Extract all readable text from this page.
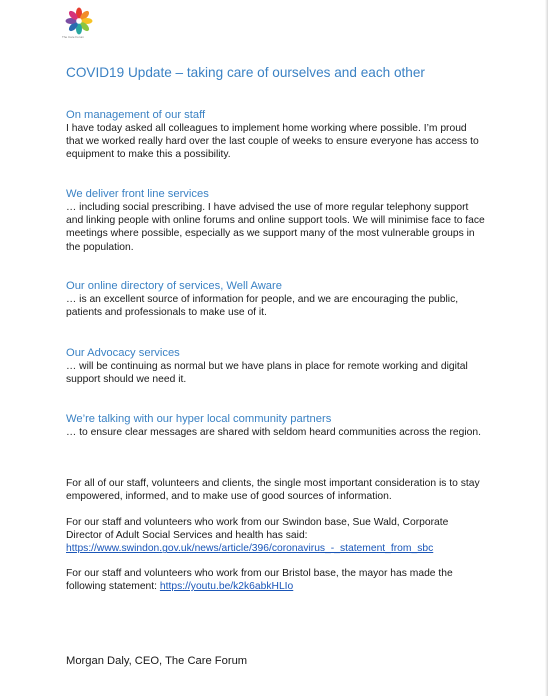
The Care Forum
COVID19 Update – taking care of ourselves and each other
On management of our staff
I have today asked all colleagues to implement home working where possible. I’m proud that we worked really hard over the last couple of weeks to ensure everyone has access to equipment to make this a possibility.
We deliver front line services
… including social prescribing. I have advised the use of more regular telephony support and linking people with online forums and online support tools. We will minimise face to face meetings where possible, especially as we support many of the most vulnerable groups in the population.
Our online directory of services, Well Aware
… is an excellent source of information for people, and we are encouraging the public, patients and professionals to make use of it.
Our Advocacy services
… will be continuing as normal but we have plans in place for remote working and digital support should we need it.
We’re talking with our hyper local community partners
… to ensure clear messages are shared with seldom heard communities across the region.
For all of our staff, volunteers and clients, the single most important consideration is to stay empowered, informed, and to make use of good sources of information.
For our staff and volunteers who work from our Swindon base, Sue Wald, Corporate Director of Adult Social Services and health has said:
https://www.swindon.gov.uk/news/article/396/coronavirus_-_statement_from_sbc
For our staff and volunteers who work from our Bristol base, the mayor has made the following statement: https://youtu.be/k2k6abkHLIo
Morgan Daly, CEO, The Care Forum
